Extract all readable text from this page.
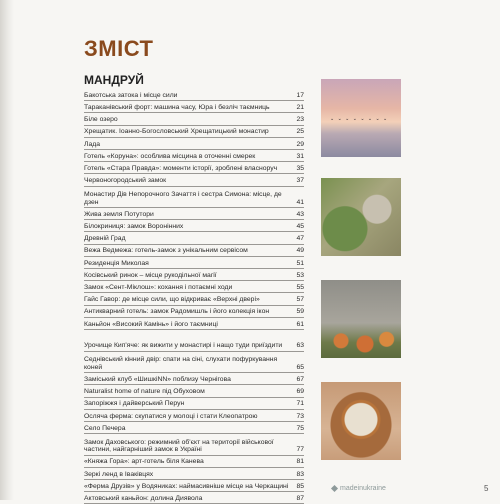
ЗМІСТ
МАНДРУЙ
Бакотська затока і місце сили	17
Тараканівський форт: машина часу, Юра і безліч таємниць	21
Біле озеро	23
Хрещатик. Іоанно-Богословський Хрещатицький монастир	25
Лада	29
Готель «Коруна»: особлива місцина в оточенні смерек	31
Готель «Стара Правда»: моменти історії, зроблені власноруч	35
Червоногородський замок	37
Монастир Дів Непорочного Зачаття і сестра Симона: місце, де дзен	41
Жива земля Потутори	43
Білокриниця: замок Воронінних	45
Древній Град	47
Вежа Ведмежа: готель-замок з унікальним сервісом	49
Резиденція Миколая	51
Косівський ринок – місце рукодільної магії	53
Замок «Сент-Міклош»: кохання і потаємні ходи	55
Гайс Гавор: де місце сили, що відкриває «Верхні двері»	57
Антикварний готель: замок Радомишль і його колекція ікон	59
Каньйон «Високий Камінь» і його таємниці	61
Урочище Кип'яче: як вижити у монастирі і нащо туди приїздити	63
Седнівський кінний двір: спати на сіні, слухати пофуркування коней	65
Заміський клуб «ШишкіNN» поблизу Чернігова	67
Naturalist home of nature під Обуховом	69
Запоріжжя і дайверський Перун	71
Осляча ферма: скупатися у молоці і стати Клеопатрою	73
Село Печера	75
Замок Даховського: режимний об'єкт на території військової частини, найгарніший замок в Україні	77
«Княжа Гора»: арт-готель біля Канева	81
Зеркі ленд в Іваківцях	83
«Ферма Друзів» у Водяниках: наймасивніше місце на Черкащині	85
Актовський каньйон: долина Диявола	87
⌄ ⌄ ⌄ ⌄ ⌄ ⌄ ⌄ ⌄
madeinukraine	5
